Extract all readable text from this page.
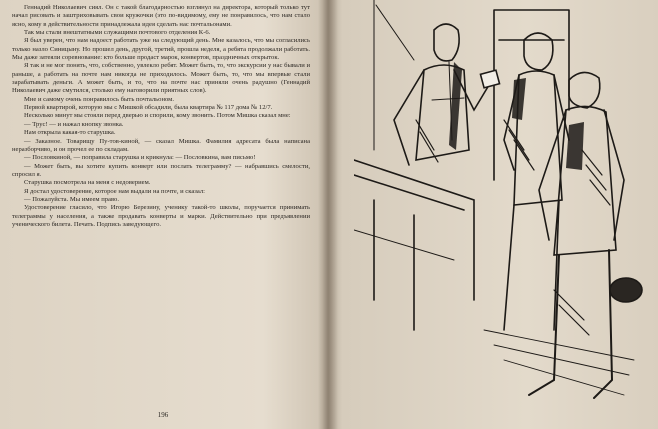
Геннадий Николаевич сиял. Он с такой благодарностью взглянул на директора, который только тут начал рисовать и заштриховывать свои кружочки (это по-видимому, ему не понравилось, что нам стало ясно, кому в действительности принадлежала идея сделать нас почтальонами.

Так мы стали внештатными служащими почтового отделения К-6.

Я был уверен, что нам надоест работать уже на следующий день. Мне казалось, что мы согласились только назло Синицыну. Но прошел день, другой, третий, прошла неделя, а ребята продолжали работать. Мы даже затеяли соревнование: кто больше продаст марок, конвертов, праздничных открыток.

Я так и не мог понять, что, собственно, увлекло ребят. Может быть, то, что экскурсии у нас бывали и раньше, а работать на почте нам никогда не приходилось. Может быть, то, что мы впервые стали зарабатывать деньги. А может быть, и то, что на почте нас приняли очень радушно (Геннадий Николаевич даже смутился, столько ему наговорили приятных слов).

Мне и самому очень понравилось быть почтальоном.

Первой квартирой, которую мы с Мишкой обсадили, была квартира № 117 дома № 12/7.

Несколько минут мы стояли перед дверью и спорили, кому звонить. Потом Мишка сказал мне:

— Трус! — и нажал кнопку звонка.

Нам открыла какая-то старушка.

— Заказное. Товарищу Пу-тов-киной, — сказал Мишка. Фамилия адресата была написана неразборчиво, и он прочел ее по складам.

— Пословкиной, — поправила старушка и крикнула: — Пословкина, вам письмо!

— Может быть, вы хотите купить конверт или послать телеграмму? — набравшись смелости, спросил я.

Старушка посмотрела на меня с недоверием.

Я достал удостоверение, которое нам выдали на почте, и сказал:

— Пожалуйста. Мы имеем право.

Удостоверение гласило, что Игорю Березину, ученику такой-то школы, поручается принимать телеграммы у населения, а также продавать конверты и марки. Действительно при предъявлении ученического билета. Печать. Подпись заведующего.

196
